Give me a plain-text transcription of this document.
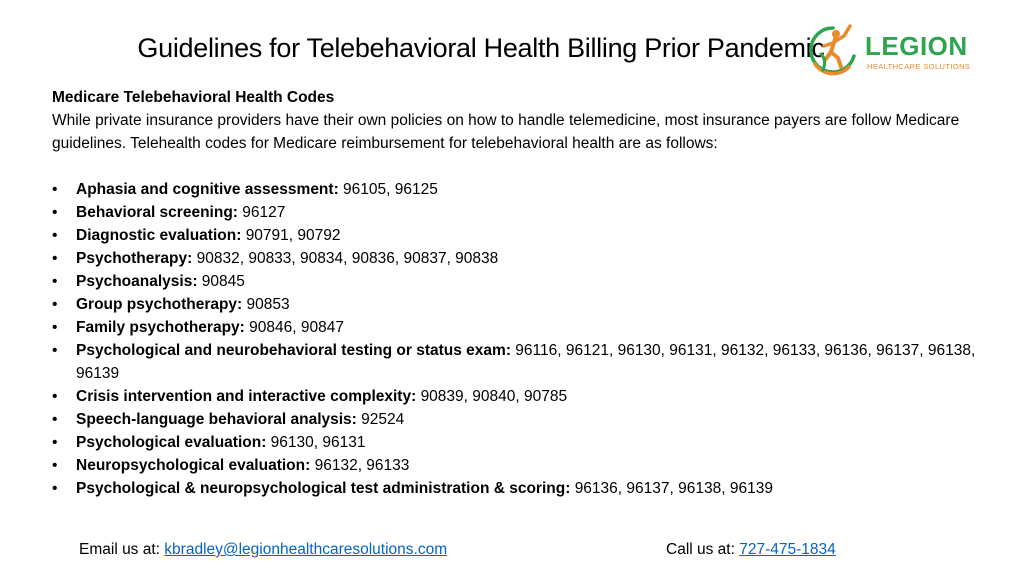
Guidelines for Telebehavioral Health Billing Prior Pandemic	LEGION
HEALTHCARE SOLUTIONS
Medicare Telebehavioral Health Codes

While private insurance providers have their own policies on how to handle telemedicine, most insurance payers are follow Medicare guidelines. Telehealth codes for Medicare reimbursement for telebehavioral health are as follows:

• Aphasia and cognitive assessment: 96105, 96125
• Behavioral screening: 96127
• Diagnostic evaluation: 90791, 90792
• Psychotherapy: 90832, 90833, 90834, 90836, 90837, 90838
• Psychoanalysis: 90845
• Group psychotherapy: 90853
• Family psychotherapy: 90846, 90847
• Psychological and neurobehavioral testing or status exam: 96116, 96121, 96130, 96131, 96132, 96133, 96136, 96137, 96138, 96139
• Crisis intervention and interactive complexity: 90839, 90840, 90785
• Speech-language behavioral analysis: 92524
• Psychological evaluation: 96130, 96131
• Neuropsychological evaluation: 96132, 96133
• Psychological & neuropsychological test administration & scoring: 96136, 96137, 96138, 96139
Email us at: kbradley@legionhealthcaresolutions.com	Call us at: 727-475-1834
